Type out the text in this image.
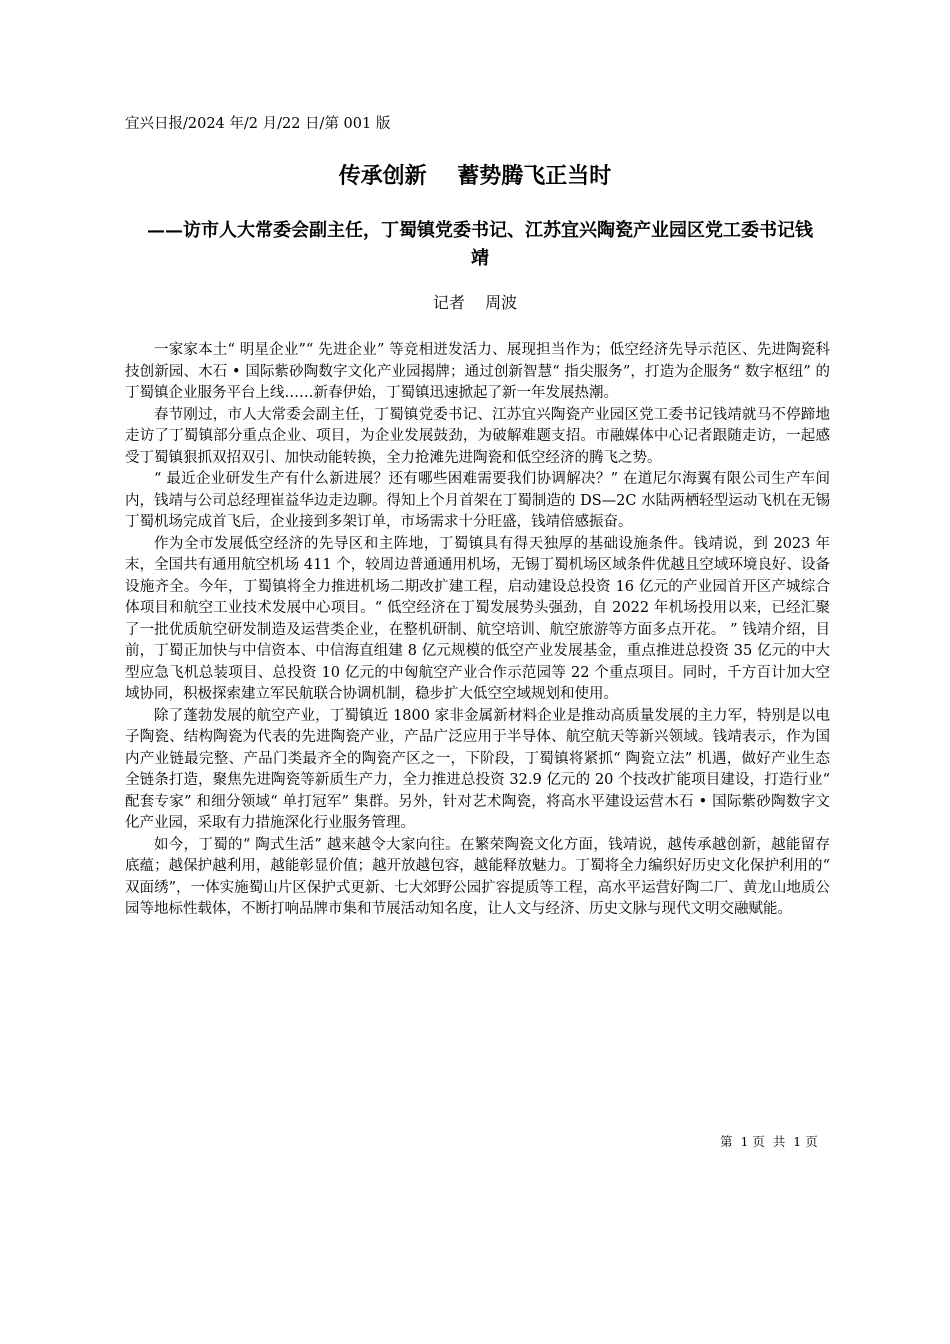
宜兴日报/2024 年/2 月/22 日/第 001 版
传承创新    蓄势腾飞正当时
——访市人大常委会副主任，丁蜀镇党委书记、江苏宜兴陶瓷产业园区党工委书记钱靖
记者    周波

一家家本土“ 明星企业”“ 先进企业” 等竞相迸发活力、展现担当作为；低空经济先导示范区、先进陶瓷科技创新园、木石 • 国际紫砂陶数字文化产业园揭牌；通过创新智慧“ 指尖服务”，打造为企服务“ 数字枢纽” 的丁蜀镇企业服务平台上线……新春伊始，丁蜀镇迅速掀起了新一年发展热潮。

春节刚过，市人大常委会副主任，丁蜀镇党委书记、江苏宜兴陶瓷产业园区党工委书记钱靖就马不停蹄地走访了丁蜀镇部分重点企业、项目，为企业发展鼓劲，为破解难题支招。市融媒体中心记者跟随走访，一起感受丁蜀镇狠抓双招双引、加快动能转换，全力抢滩先进陶瓷和低空经济的腾飞之势。

“ 最近企业研发生产有什么新进展？还有哪些困难需要我们协调解决？” 在道尼尔海翼有限公司生产车间内，钱靖与公司总经理崔益华边走边聊。得知上个月首架在丁蜀制造的 DS—2C 水陆两栖轻型运动飞机在无锡丁蜀机场完成首飞后，企业接到多架订单，市场需求十分旺盛，钱靖倍感振奋。

作为全市发展低空经济的先导区和主阵地，丁蜀镇具有得天独厚的基础设施条件。钱靖说，到 2023 年末，全国共有通用航空机场 411 个，较周边普通通用机场，无锡丁蜀机场区域条件优越且空域环境良好、设备设施齐全。今年，丁蜀镇将全力推进机场二期改扩建工程，启动建设总投资 16 亿元的产业园首开区产城综合体项目和航空工业技术发展中心项目。“ 低空经济在丁蜀发展势头强劲，自 2022 年机场投用以来，已经汇聚了一批优质航空研发制造及运营类企业，在整机研制、航空培训、航空旅游等方面多点开花。 ” 钱靖介绍，目前，丁蜀正加快与中信资本、中信海直组建 8 亿元规模的低空产业发展基金，重点推进总投资 35 亿元的中大型应急飞机总装项目、总投资 10 亿元的中匈航空产业合作示范园等 22 个重点项目。同时，千方百计加大空域协同，积极探索建立军民航联合协调机制，稳步扩大低空空域规划和使用。

除了蓬勃发展的航空产业，丁蜀镇近 1800 家非金属新材料企业是推动高质量发展的主力军，特别是以电子陶瓷、结构陶瓷为代表的先进陶瓷产业，产品广泛应用于半导体、航空航天等新兴领域。钱靖表示，作为国内产业链最完整、产品门类最齐全的陶瓷产区之一，下阶段，丁蜀镇将紧抓“ 陶瓷立法” 机遇，做好产业生态全链条打造，聚焦先进陶瓷等新质生产力，全力推进总投资 32.9 亿元的 20 个技改扩能项目建设，打造行业“ 配套专家” 和细分领域“ 单打冠军” 集群。另外，针对艺术陶瓷，将高水平建设运营木石 • 国际紫砂陶数字文化产业园，采取有力措施深化行业服务管理。

如今，丁蜀的“ 陶式生活” 越来越令大家向往。在繁荣陶瓷文化方面，钱靖说，越传承越创新，越能留存底蕴；越保护越利用，越能彰显价值；越开放越包容，越能释放魅力。丁蜀将全力编织好历史文化保护利用的“ 双面绣”，一体实施蜀山片区保护式更新、七大郊野公园扩容提质等工程，高水平运营好陶二厂、黄龙山地质公园等地标性载体，不断打响品牌市集和节展活动知名度，让人文与经济、历史文脉与现代文明交融赋能。

第  1 页  共  1 页
